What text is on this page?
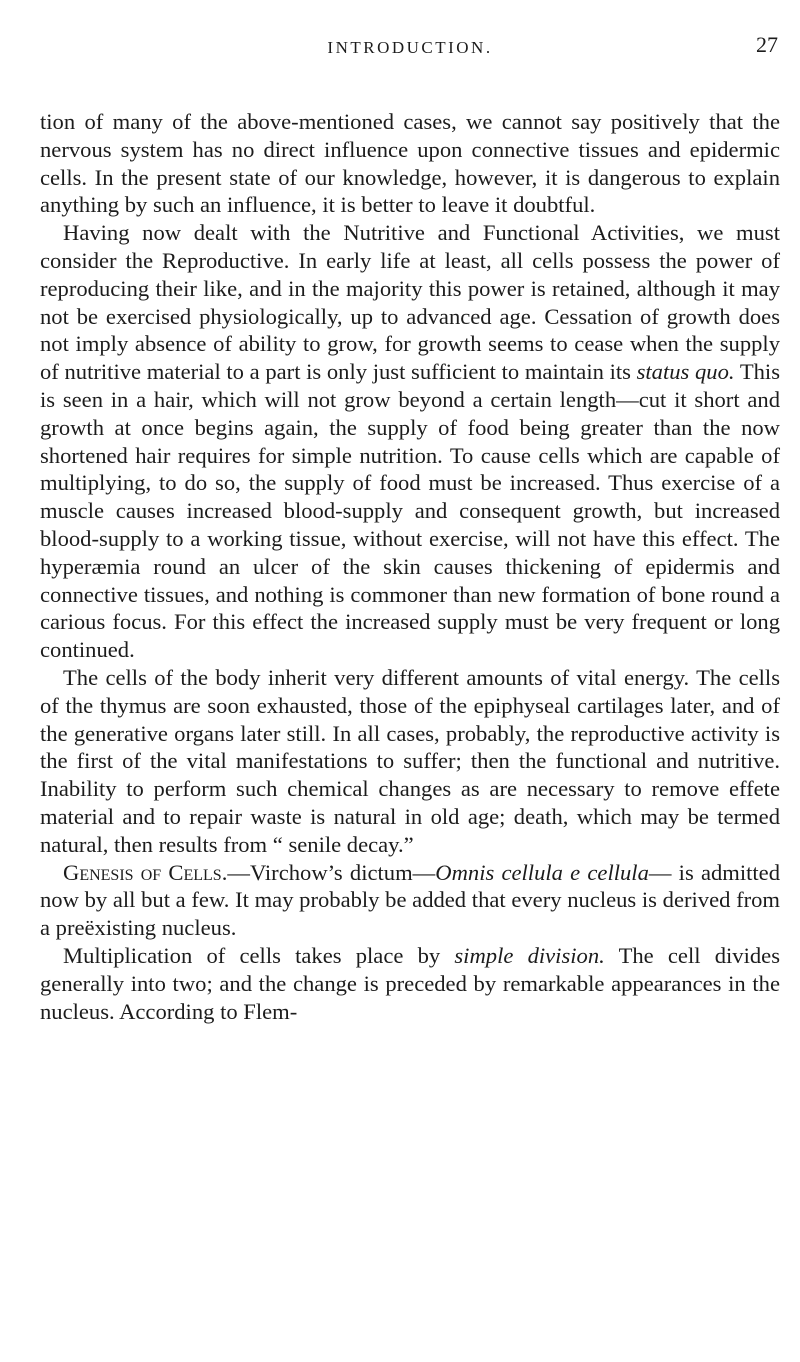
INTRODUCTION.	27

tion of many of the above-mentioned cases, we cannot say positively that the nervous system has no direct influence upon connective tissues and epidermic cells. In the present state of our knowledge, however, it is dangerous to explain anything by such an influence, it is better to leave it doubtful.

Having now dealt with the Nutritive and Functional Activities, we must consider the Reproductive. In early life at least, all cells possess the power of reproducing their like, and in the majority this power is retained, although it may not be exercised physiologically, up to advanced age. Cessation of growth does not imply absence of ability to grow, for growth seems to cease when the supply of nutritive material to a part is only just sufficient to maintain its status quo. This is seen in a hair, which will not grow beyond a certain length—cut it short and growth at once begins again, the supply of food being greater than the now shortened hair requires for simple nutrition. To cause cells which are capable of multiplying, to do so, the supply of food must be increased. Thus exercise of a muscle causes increased blood-supply and consequent growth, but increased blood-supply to a working tissue, without exercise, will not have this effect. The hyperæmia round an ulcer of the skin causes thickening of epidermis and connective tissues, and nothing is commoner than new formation of bone round a carious focus. For this effect the increased supply must be very frequent or long continued.

The cells of the body inherit very different amounts of vital energy. The cells of the thymus are soon exhausted, those of the epiphyseal cartilages later, and of the generative organs later still. In all cases, probably, the reproductive activity is the first of the vital manifestations to suffer; then the functional and nutritive. Inability to perform such chemical changes as are necessary to remove effete material and to repair waste is natural in old age; death, which may be termed natural, then results from “ senile decay.”

Genesis of Cells.—Virchow’s dictum—Omnis cellula e cellula— is admitted now by all but a few. It may probably be added that every nucleus is derived from a preëxisting nucleus.

Multiplication of cells takes place by simple division. The cell divides generally into two; and the change is preceded by remarkable appearances in the nucleus. According to Flem-
